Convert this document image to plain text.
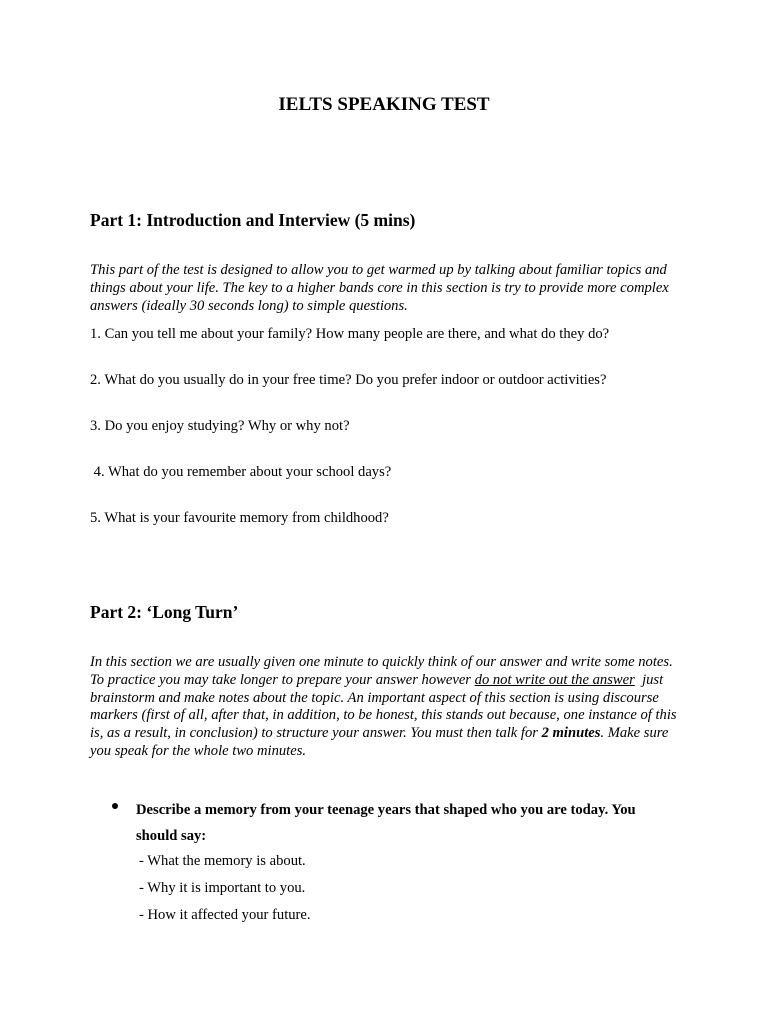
IELTS SPEAKING TEST
Part 1: Introduction and Interview (5 mins)

This part of the test is designed to allow you to get warmed up by talking about familiar topics and things about your life. The key to a higher bands core in this section is try to provide more complex answers (ideally 30 seconds long) to simple questions.

1. Can you tell me about your family? How many people are there, and what do they do?

2. What do you usually do in your free time? Do you prefer indoor or outdoor activities?

3. Do you enjoy studying? Why or why not?

4. What do you remember about your school days?

5. What is your favourite memory from childhood?

Part 2: ‘Long Turn’

In this section we are usually given one minute to quickly think of our answer and write some notes. To practice you may take longer to prepare your answer however do not write out the answer  just brainstorm and make notes about the topic. An important aspect of this section is using discourse markers (first of all, after that, in addition, to be honest, this stands out because, one instance of this is, as a result, in conclusion) to structure your answer. You must then talk for 2 minutes. Make sure you speak for the whole two minutes.

Describe a memory from your teenage years that shaped who you are today. You should say:

- What the memory is about.

- Why it is important to you.

- How it affected your future.
